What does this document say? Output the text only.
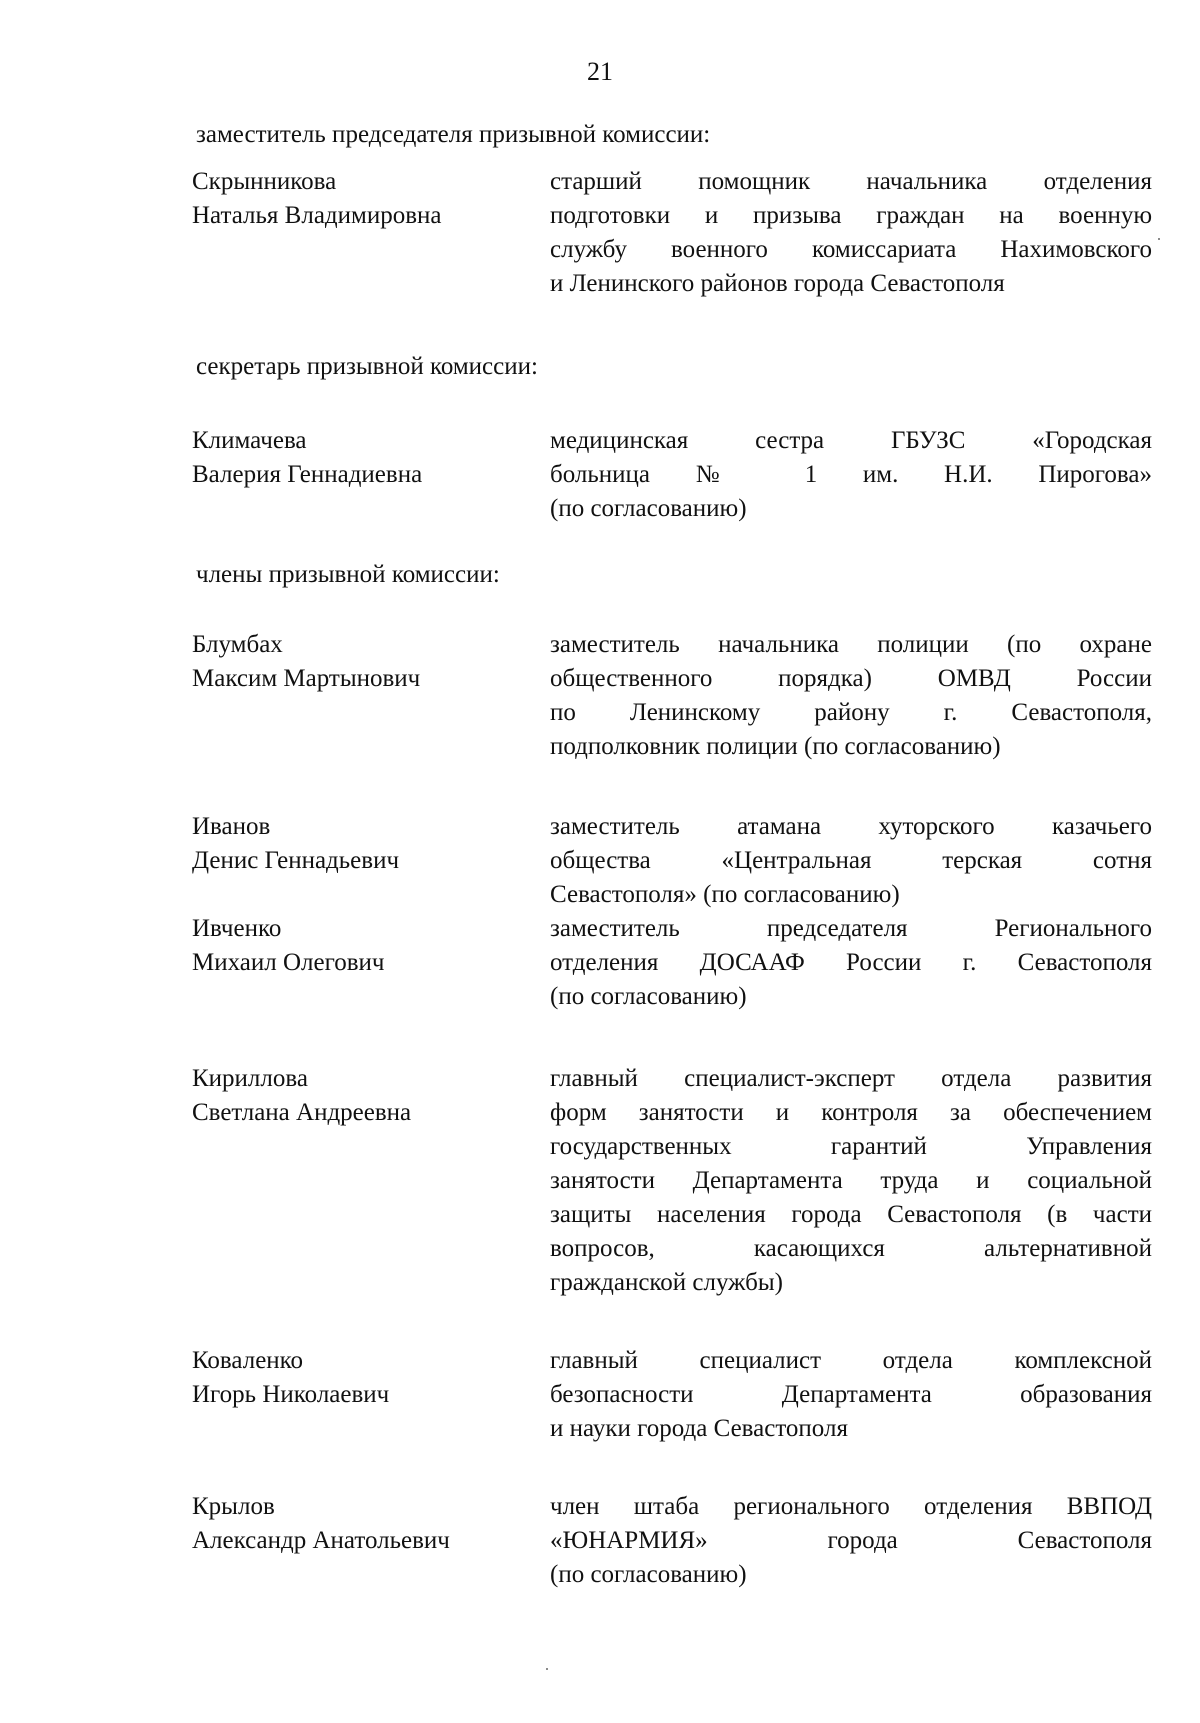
21
заместитель председателя призывной комиссии:
Скрынникова
Наталья Владимировна
старший помощник начальника отделения
подготовки и призыва граждан на военную
службу военного комиссариата Нахимовского
и Ленинского районов города Севастополя
секретарь призывной комиссии:
Климачева
Валерия Геннадиевна
медицинская сестра ГБУЗС «Городская
больница № 1 им. Н.И. Пирогова»
(по согласованию)
члены призывной комиссии:
Блумбах
Максим Мартынович
заместитель начальника полиции (по охране
общественного порядка) ОМВД России
по Ленинскому району г. Севастополя,
подполковник полиции (по согласованию)
Иванов
Денис Геннадьевич
заместитель атамана хуторского казачьего
общества «Центральная терская сотня
Севастополя» (по согласованию)
Ивченко
Михаил Олегович
заместитель председателя Регионального
отделения ДОСААФ России г. Севастополя
(по согласованию)
Кириллова
Светлана Андреевна
главный специалист-эксперт отдела развития
форм занятости и контроля за обеспечением
государственных гарантий Управления
занятости Департамента труда и социальной
защиты населения города Севастополя (в части
вопросов, касающихся альтернативной
гражданской службы)
Коваленко
Игорь Николаевич
главный специалист отдела комплексной
безопасности Департамента образования
и науки города Севастополя
Крылов
Александр Анатольевич
член штаба регионального отделения ВВПОД
«ЮНАРМИЯ» города Севастополя
(по согласованию)
